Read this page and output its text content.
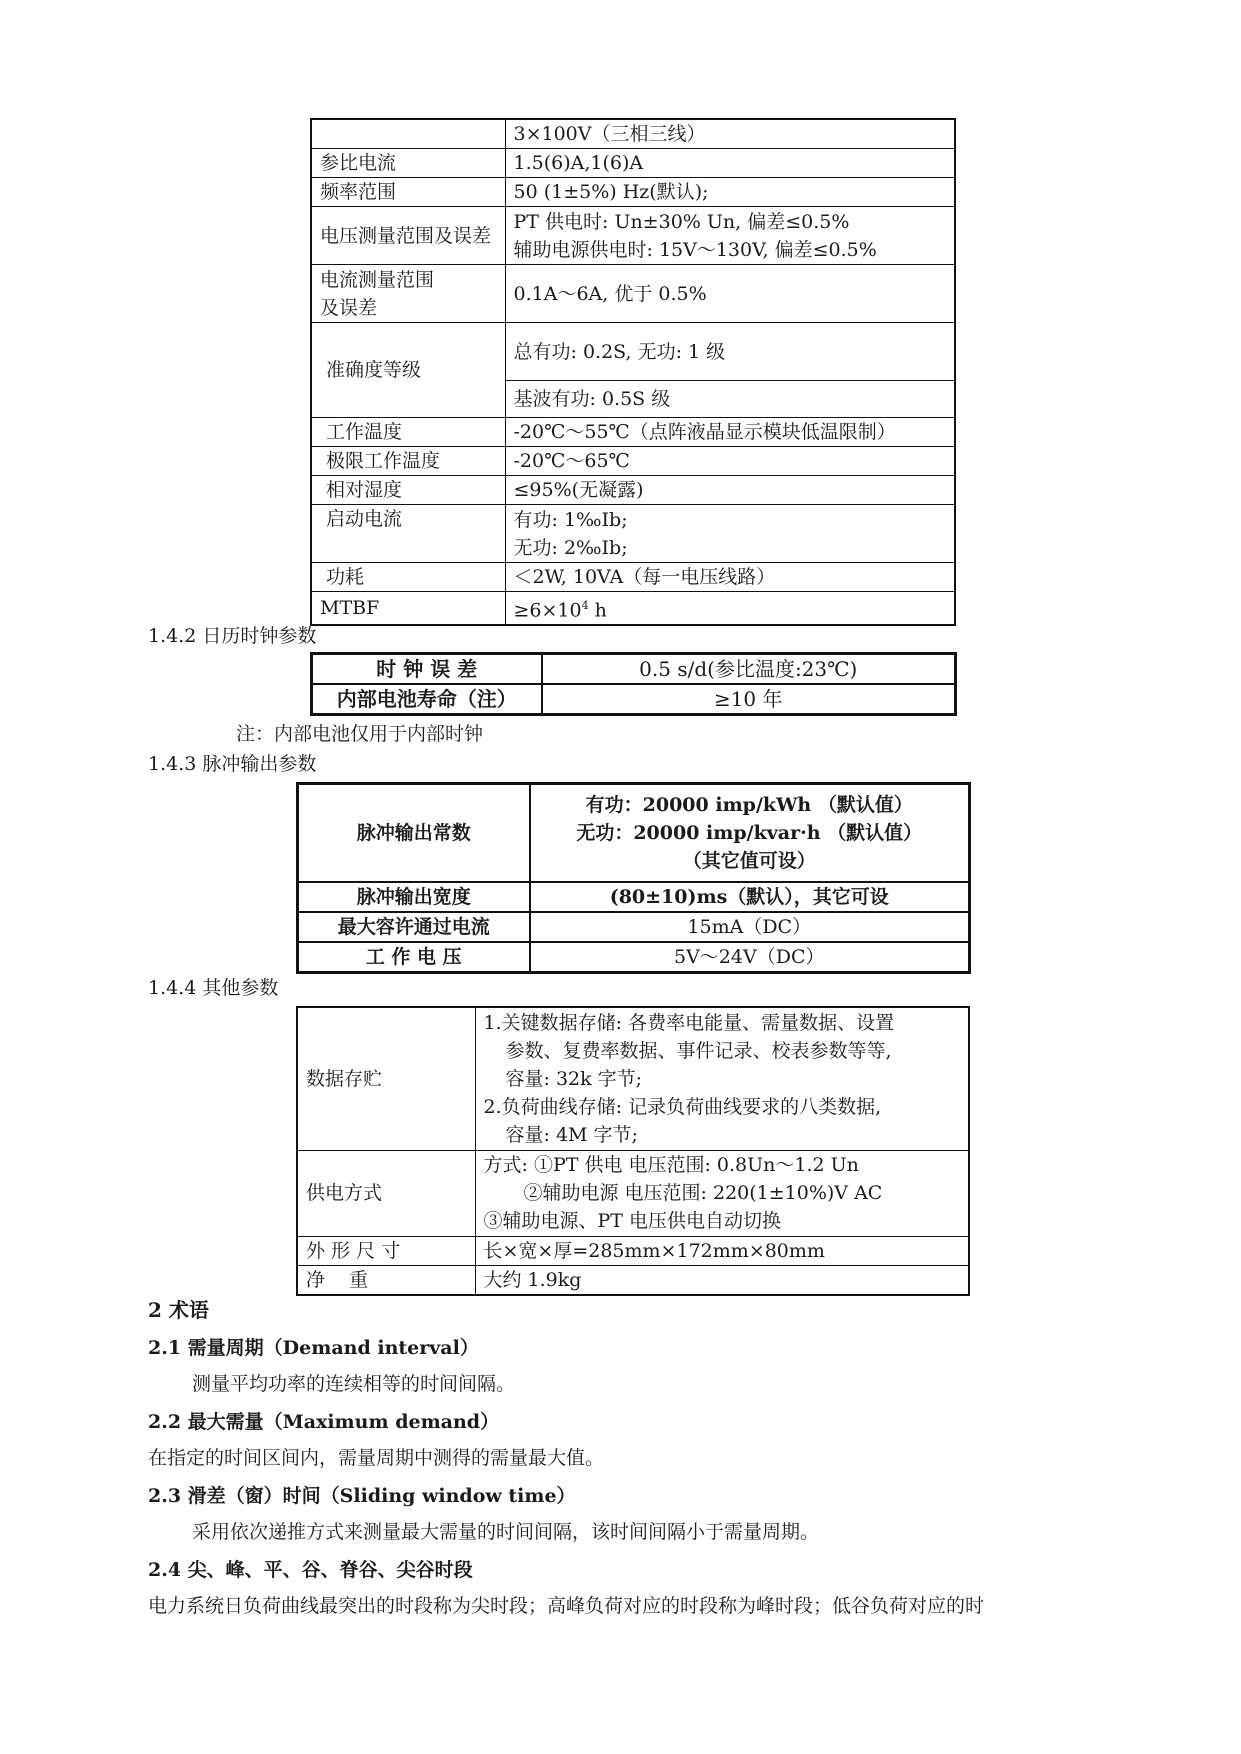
	3×100V（三相三线）
参比电流	1.5(6)A,1(6)A
频率范围	50 (1±5%) Hz(默认);
电压测量范围及误差	PT 供电时: Un±30% Un, 偏差≤0.5%
辅助电源供电时: 15V～130V, 偏差≤0.5%

电流测量范围
及误差	0.1A～6A, 优于 0.5%
准确度等级	总有功: 0.2S, 无功: 1 级
	基波有功: 0.5S 级
工作温度	-20℃～55℃（点阵液晶显示模块低温限制）
极限工作温度	-20℃～65℃
相对湿度	≤95%(无凝露)
启动电流	有功: 1‰Ib;
无功: 2‰Ib;

功耗	＜2W, 10VA（每一电压线路）
MTBF	$\ge 6\times 10^4$ h
1.4.2 日历时钟参数
时 钟 误 差	0.5 s/d(参比温度:23℃)
内部电池寿命（注）	≥10 年
注：内部电池仅用于内部时钟
1.4.3 脉冲输出参数
脉冲输出常数	有功：20000 imp/kWh （默认值）
无功：20000 imp/kvar·h （默认值）
（其它值可设）

脉冲输出宽度	(80±10)ms（默认），其它可设
最大容许通过电流	15mA（DC）
工 作 电 压	5V～24V（DC）
1.4.4 其他参数
数据存贮	1.关键数据存储: 各费率电能量、需量数据、设置
参数、复费率数据、事件记录、校表参数等等,
容量: 32k 字节;
2.负荷曲线存储: 记录负荷曲线要求的八类数据,
容量: 4M 字节;

供电方式	方式: ①PT 供电 电压范围: 0.8Un～1.2 Un
②辅助电源 电压范围: 220(1±10%)V AC
③辅助电源、PT 电压供电自动切换

外 形 尺 寸	长×宽×厚=285mm×172mm×80mm
净    重	大约 1.9kg
2 术语
2.1 需量周期（Demand interval）
测量平均功率的连续相等的时间间隔。
2.2 最大需量（Maximum demand）
在指定的时间区间内，需量周期中测得的需量最大值。
2.3 滑差（窗）时间（Sliding window time）
采用依次递推方式来测量最大需量的时间间隔，该时间间隔小于需量周期。
2.4 尖、峰、平、谷、脊谷、尖谷时段
电力系统日负荷曲线最突出的时段称为尖时段；高峰负荷对应的时段称为峰时段；低谷负荷对应的时
